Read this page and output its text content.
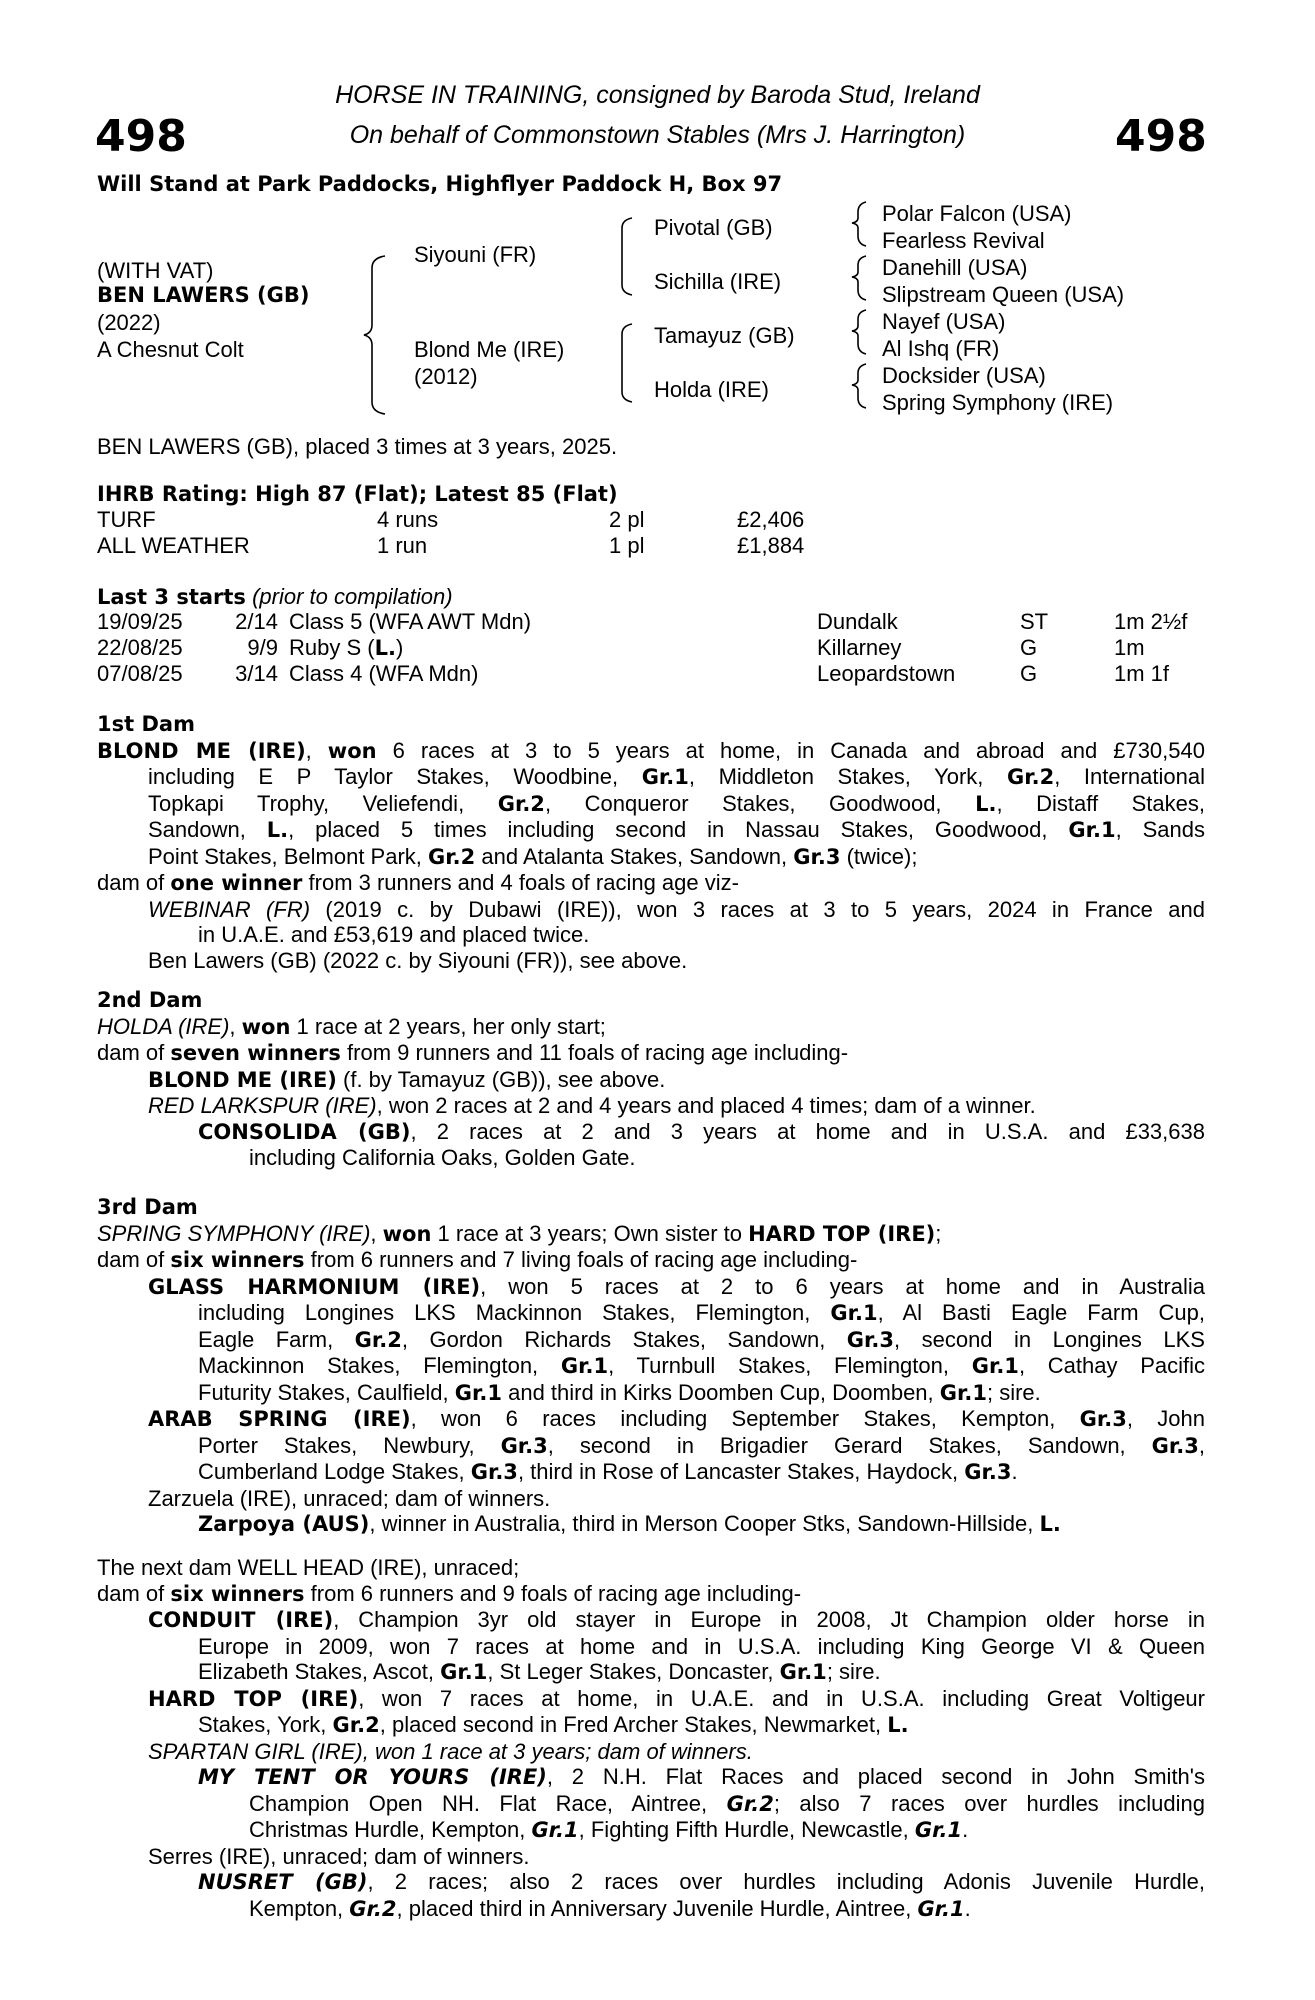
498	498
HORSE IN TRAINING, consigned by Baroda Stud, Ireland
On behalf of Commonstown Stables (Mrs J. Harrington)
Will Stand at Park Paddocks, Highflyer Paddock H, Box 97
(WITH VAT)
BEN LAWERS (GB)
(2022)
A Chesnut Colt
Siyouni (FR)
Blond Me (IRE)
(2012)
Pivotal (GB)
Sichilla (IRE)
Tamayuz (GB)
Holda (IRE)
Polar Falcon (USA)
Fearless Revival
Danehill (USA)
Slipstream Queen (USA)
Nayef (USA)
Al Ishq (FR)
Docksider (USA)
Spring Symphony (IRE)
BEN LAWERS (GB), placed 3 times at 3 years, 2025.
IHRB Rating: High 87 (Flat); Latest 85 (Flat)
TURF	4 runs	2 pl	£2,406
ALL WEATHER	1 run	1 pl	£1,884
Last 3 starts (prior to compilation)
19/09/25	2/14 Class 5 (WFA AWT Mdn)	Dundalk	ST	1m 2½f
22/08/25	9/9 Ruby S (L.)	Killarney	G	1m
07/08/25	3/14 Class 4 (WFA Mdn)	Leopardstown	G	1m 1f
1st Dam
BLOND ME (IRE), won 6 races at 3 to 5 years at home, in Canada and abroad and £730,540
including E P Taylor Stakes, Woodbine, Gr.1, Middleton Stakes, York, Gr.2, International
Topkapi Trophy, Veliefendi, Gr.2, Conqueror Stakes, Goodwood, L., Distaff Stakes,
Sandown, L., placed 5 times including second in Nassau Stakes, Goodwood, Gr.1, Sands
Point Stakes, Belmont Park, Gr.2 and Atalanta Stakes, Sandown, Gr.3 (twice);
dam of one winner from 3 runners and 4 foals of racing age viz-
WEBINAR (FR) (2019 c. by Dubawi (IRE)), won 3 races at 3 to 5 years, 2024 in France and
in U.A.E. and £53,619 and placed twice.
Ben Lawers (GB) (2022 c. by Siyouni (FR)), see above.
2nd Dam
HOLDA (IRE), won 1 race at 2 years, her only start;
dam of seven winners from 9 runners and 11 foals of racing age including-
BLOND ME (IRE) (f. by Tamayuz (GB)), see above.
RED LARKSPUR (IRE), won 2 races at 2 and 4 years and placed 4 times; dam of a winner.
CONSOLIDA (GB), 2 races at 2 and 3 years at home and in U.S.A. and £33,638
including California Oaks, Golden Gate.
3rd Dam
SPRING SYMPHONY (IRE), won 1 race at 3 years; Own sister to HARD TOP (IRE);
dam of six winners from 6 runners and 7 living foals of racing age including-
GLASS HARMONIUM (IRE), won 5 races at 2 to 6 years at home and in Australia
including Longines LKS Mackinnon Stakes, Flemington, Gr.1, Al Basti Eagle Farm Cup,
Eagle Farm, Gr.2, Gordon Richards Stakes, Sandown, Gr.3, second in Longines LKS
Mackinnon Stakes, Flemington, Gr.1, Turnbull Stakes, Flemington, Gr.1, Cathay Pacific
Futurity Stakes, Caulfield, Gr.1 and third in Kirks Doomben Cup, Doomben, Gr.1; sire.
ARAB SPRING (IRE), won 6 races including September Stakes, Kempton, Gr.3, John
Porter Stakes, Newbury, Gr.3, second in Brigadier Gerard Stakes, Sandown, Gr.3,
Cumberland Lodge Stakes, Gr.3, third in Rose of Lancaster Stakes, Haydock, Gr.3.
Zarzuela (IRE), unraced; dam of winners.
Zarpoya (AUS), winner in Australia, third in Merson Cooper Stks, Sandown-Hillside, L.
The next dam WELL HEAD (IRE), unraced;
dam of six winners from 6 runners and 9 foals of racing age including-
CONDUIT (IRE), Champion 3yr old stayer in Europe in 2008, Jt Champion older horse in
Europe in 2009, won 7 races at home and in U.S.A. including King George VI & Queen
Elizabeth Stakes, Ascot, Gr.1, St Leger Stakes, Doncaster, Gr.1; sire.
HARD TOP (IRE), won 7 races at home, in U.A.E. and in U.S.A. including Great Voltigeur
Stakes, York, Gr.2, placed second in Fred Archer Stakes, Newmarket, L.
SPARTAN GIRL (IRE), won 1 race at 3 years; dam of winners.
MY TENT OR YOURS (IRE), 2 N.H. Flat Races and placed second in John Smith's
Champion Open NH. Flat Race, Aintree, Gr.2; also 7 races over hurdles including
Christmas Hurdle, Kempton, Gr.1, Fighting Fifth Hurdle, Newcastle, Gr.1.
Serres (IRE), unraced; dam of winners.
NUSRET (GB), 2 races; also 2 races over hurdles including Adonis Juvenile Hurdle,
Kempton, Gr.2, placed third in Anniversary Juvenile Hurdle, Aintree, Gr.1.
